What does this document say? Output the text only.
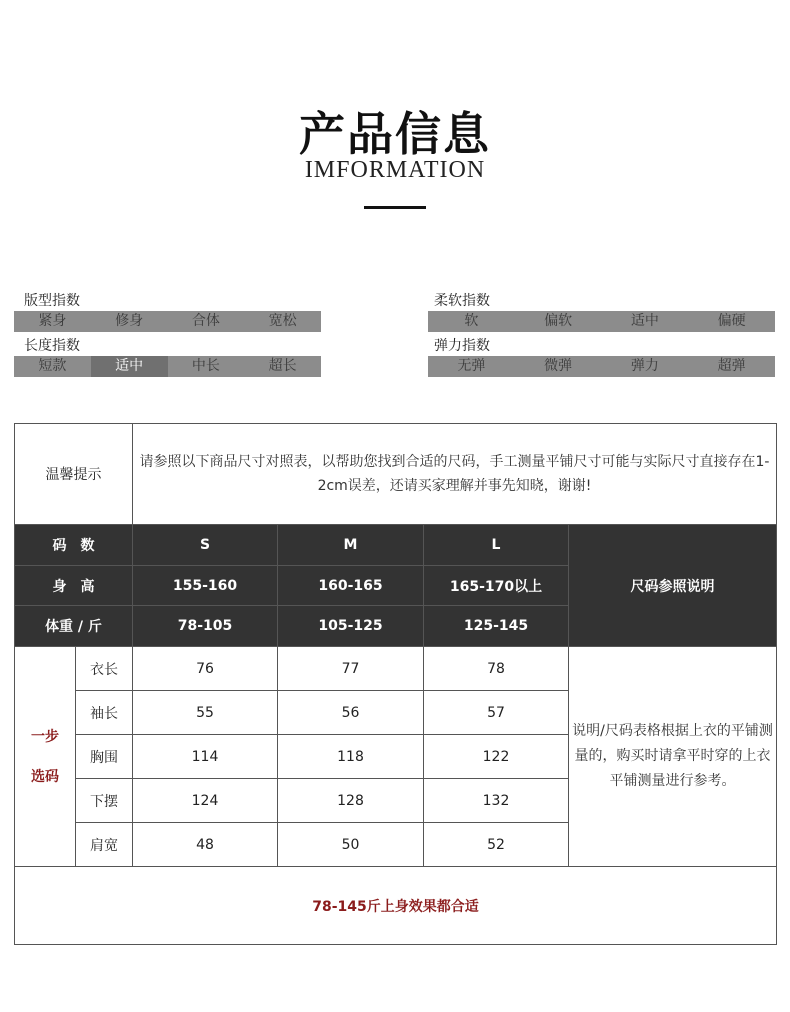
产品信息
IMFORMATION
版型指数
紧身	修身	合体	宽松
柔软指数
软	偏软	适中	偏硬
长度指数
短款	适中	中长	超长
弹力指数
无弹	微弹	弹力	超弹
温馨提示		请参照以下商品尺寸对照表，以帮助您找到合适的尺码，手工测量平铺尺寸可能与实际尺寸直接存在1-2cm误差，还请买家理解并事先知晓，谢谢!			
码　数		S	M	L	尺码参照说明
身　高		155-160	160-165	165-170以上	
体重 / 斤		78-105	105-125	125-145	

一步
选码	衣长	76	77	78	说明/尺码表格根据上衣的平铺测量的，购买时请拿平时穿的上衣平铺测量进行参考。
	袖长	55	56	57	
	胸围	114	118	122	
	下摆	124	128	132	
	肩宽	48	50	52	
78-145斤上身效果都合适					
